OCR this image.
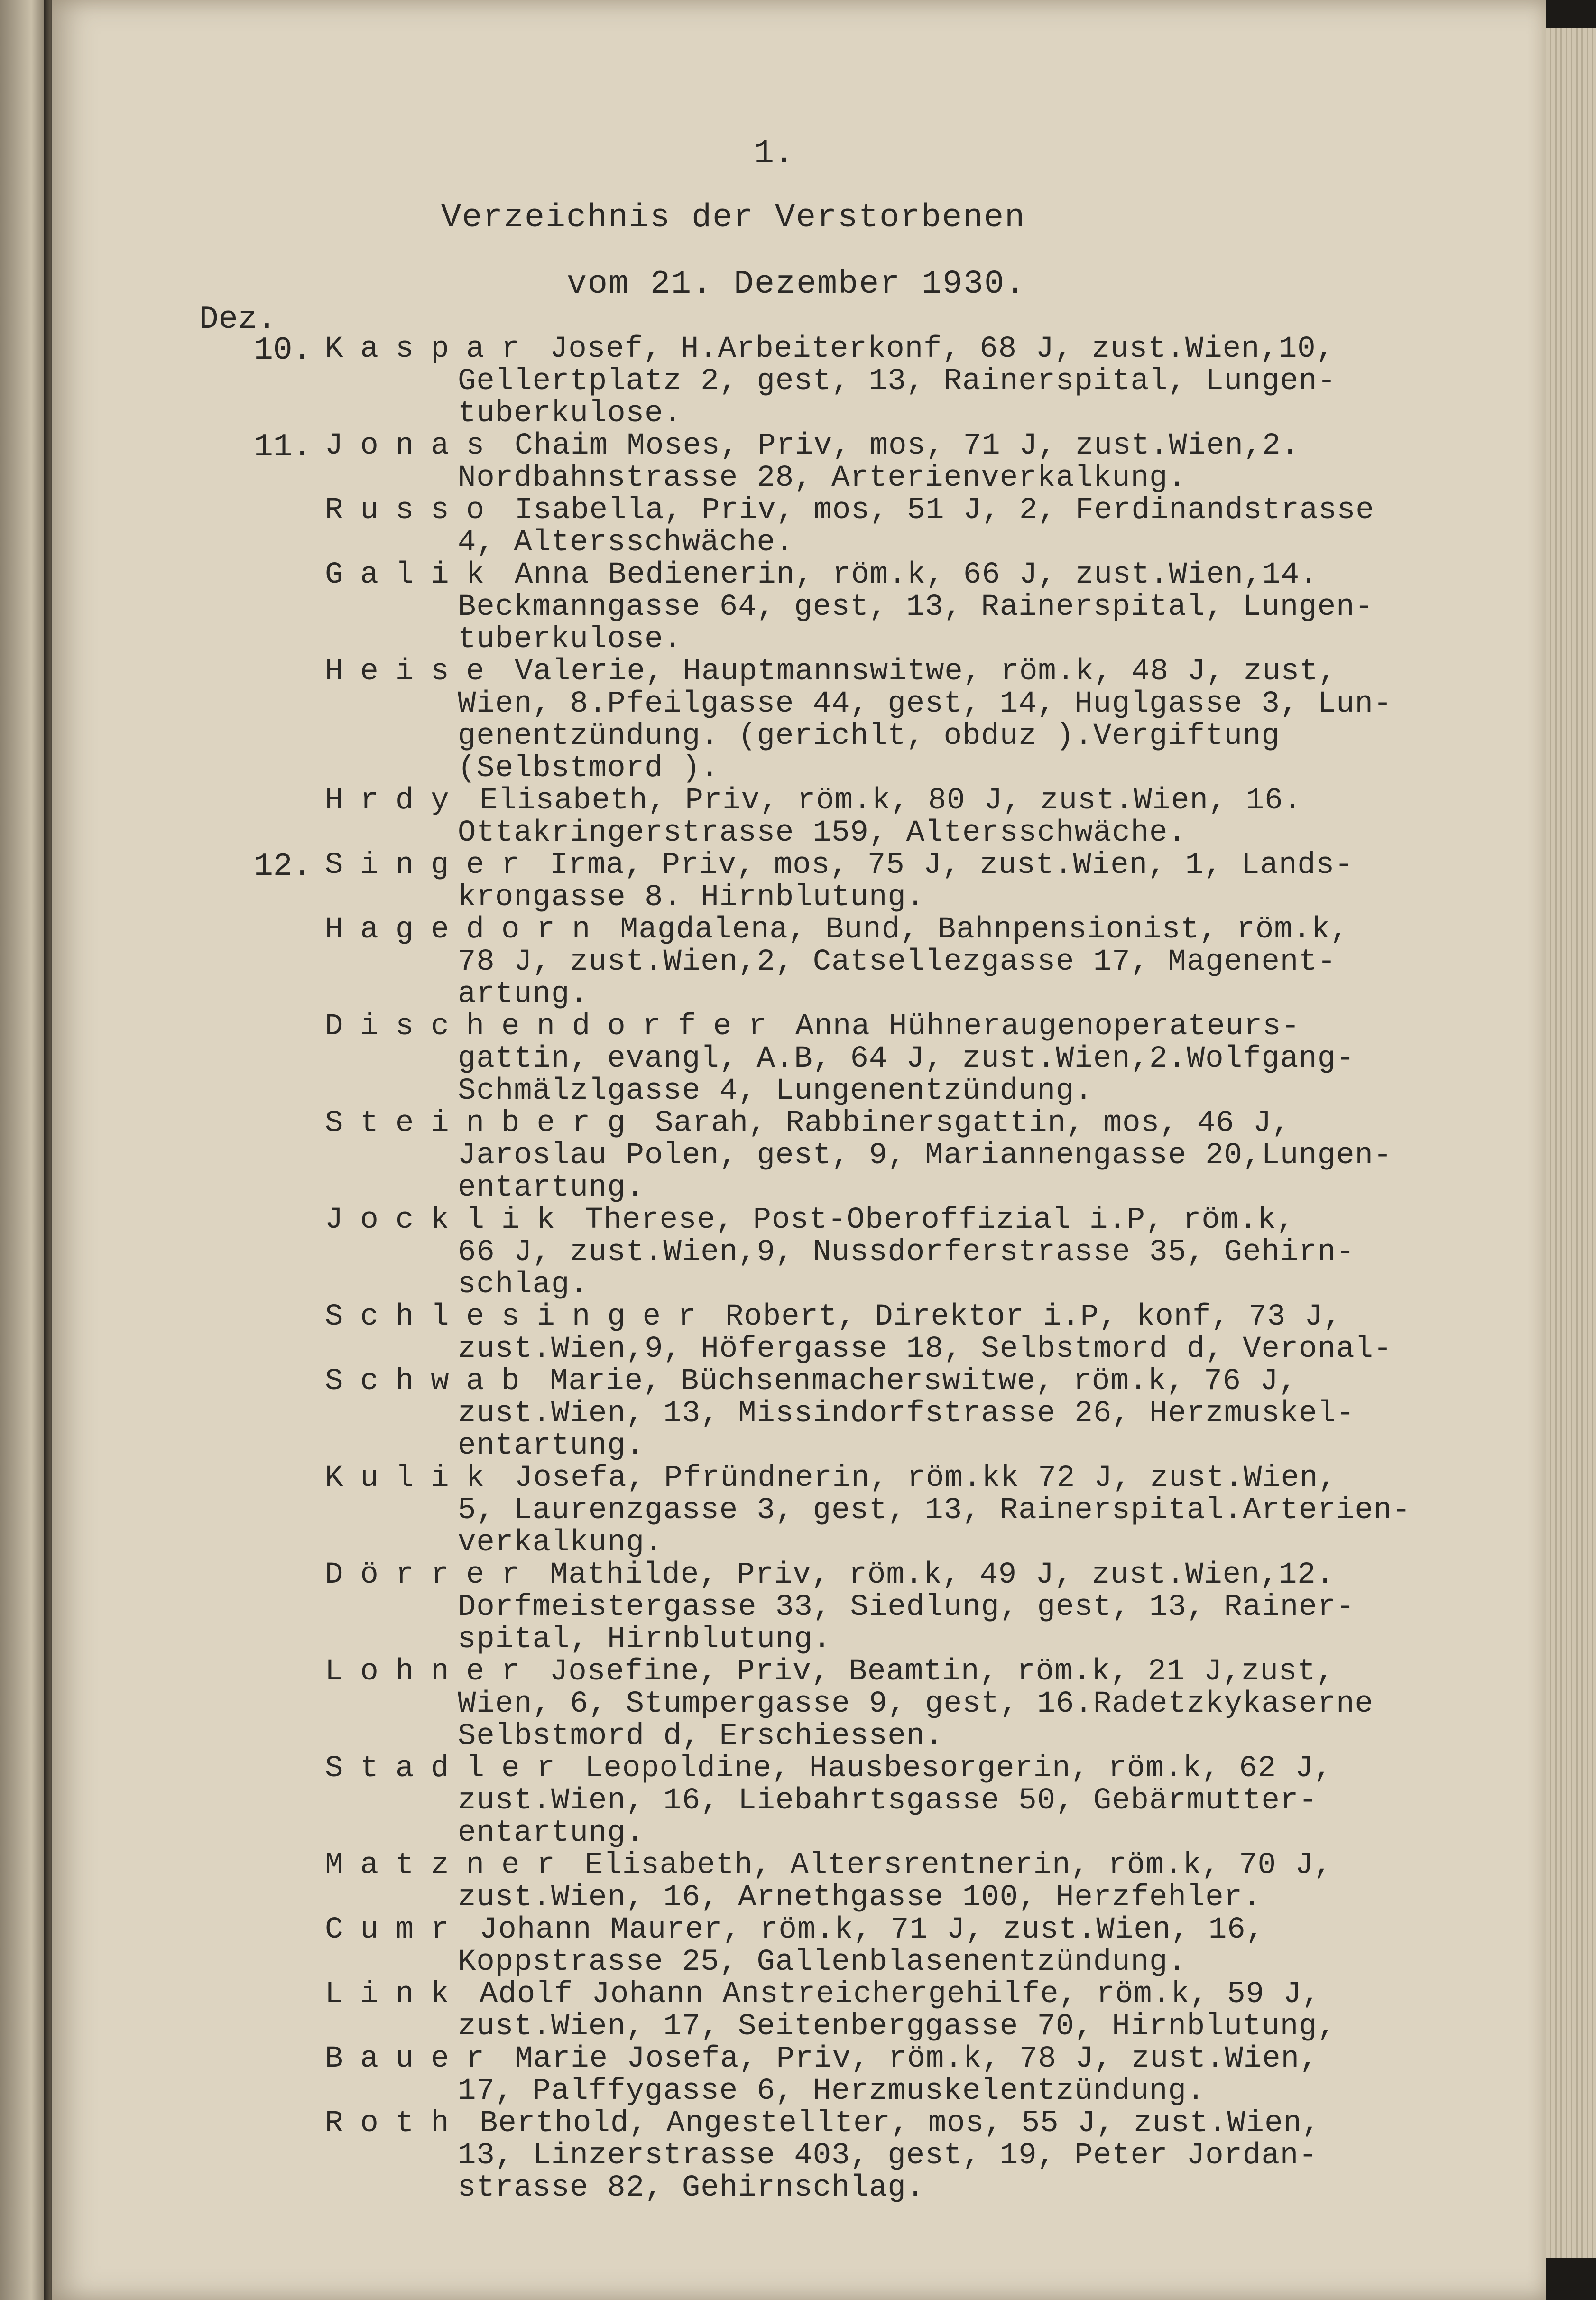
1.
Verzeichnis der Verstorbenen
vom 21. Dezember 1930.
Dez.
10. Kaspar Josef, H.Arbeiterkonf, 68 J, zust.Wien,10,
Gellertplatz 2, gest, 13, Rainerspital, Lungen-
tuberkulose.
11. Jonas Chaim Moses, Priv, mos, 71 J, zust.Wien,2.
Nordbahnstrasse 28, Arterienverkalkung.
Russo Isabella, Priv, mos, 51 J, 2, Ferdinandstrasse
4, Altersschwäche.
Galik Anna Bedienerin, röm.k, 66 J, zust.Wien,14.
Beckmanngasse 64, gest, 13, Rainerspital, Lungen-
tuberkulose.
Heise Valerie, Hauptmannswitwe, röm.k, 48 J, zust,
Wien, 8.Pfeilgasse 44, gest, 14, Huglgasse 3, Lun-
genentzündung. (gerichlt, obduz ).Vergiftung
(Selbstmord ).
Hrdy Elisabeth, Priv, röm.k, 80 J, zust.Wien, 16.
Ottakringerstrasse 159, Altersschwäche.
12. Singer Irma, Priv, mos, 75 J, zust.Wien, 1, Lands-
krongasse 8. Hirnblutung.
Hagedorn Magdalena, Bund, Bahnpensionist, röm.k,
78 J, zust.Wien,2, Catsellezgasse 17, Magenent-
artung.
Dischendorfer Anna Hühneraugenoperateurs-
gattin, evangl, A.B, 64 J, zust.Wien,2.Wolfgang-
Schmälzlgasse 4, Lungenentzündung.
Steinberg Sarah, Rabbinersgattin, mos, 46 J,
Jaroslau Polen, gest, 9, Mariannengasse 20,Lungen-
entartung.
Jocklik Therese, Post-Oberoffizial i.P, röm.k,
66 J, zust.Wien,9, Nussdorferstrasse 35, Gehirn-
schlag.
Schlesinger Robert, Direktor i.P, konf, 73 J,
zust.Wien,9, Höfergasse 18, Selbstmord d, Veronal-
Schwab Marie, Büchsenmacherswitwe, röm.k, 76 J,
zust.Wien, 13, Missindorfstrasse 26, Herzmuskel-
entartung.
Kulik Josefa, Pfründnerin, röm.kk 72 J, zust.Wien,
5, Laurenzgasse 3, gest, 13, Rainerspital.Arterien-
verkalkung.
Dörrer Mathilde, Priv, röm.k, 49 J, zust.Wien,12.
Dorfmeistergasse 33, Siedlung, gest, 13, Rainer-
spital, Hirnblutung.
Lohner Josefine, Priv, Beamtin, röm.k, 21 J,zust,
Wien, 6, Stumpergasse 9, gest, 16.Radetzkykaserne
Selbstmord d, Erschiessen.
Stadler Leopoldine, Hausbesorgerin, röm.k, 62 J,
zust.Wien, 16, Liebahrtsgasse 50, Gebärmutter-
entartung.
Matzner Elisabeth, Altersrentnerin, röm.k, 70 J,
zust.Wien, 16, Arnethgasse 100, Herzfehler.
Cumr Johann Maurer, röm.k, 71 J, zust.Wien, 16,
Koppstrasse 25, Gallenblasenentzündung.
Link Adolf Johann Anstreichergehilfe, röm.k, 59 J,
zust.Wien, 17, Seitenberggasse 70, Hirnblutung,
Bauer Marie Josefa, Priv, röm.k, 78 J, zust.Wien,
17, Palffygasse 6, Herzmuskelentzündung.
Roth Berthold, Angestellter, mos, 55 J, zust.Wien,
13, Linzerstrasse 403, gest, 19, Peter Jordan-
strasse 82, Gehirnschlag.
